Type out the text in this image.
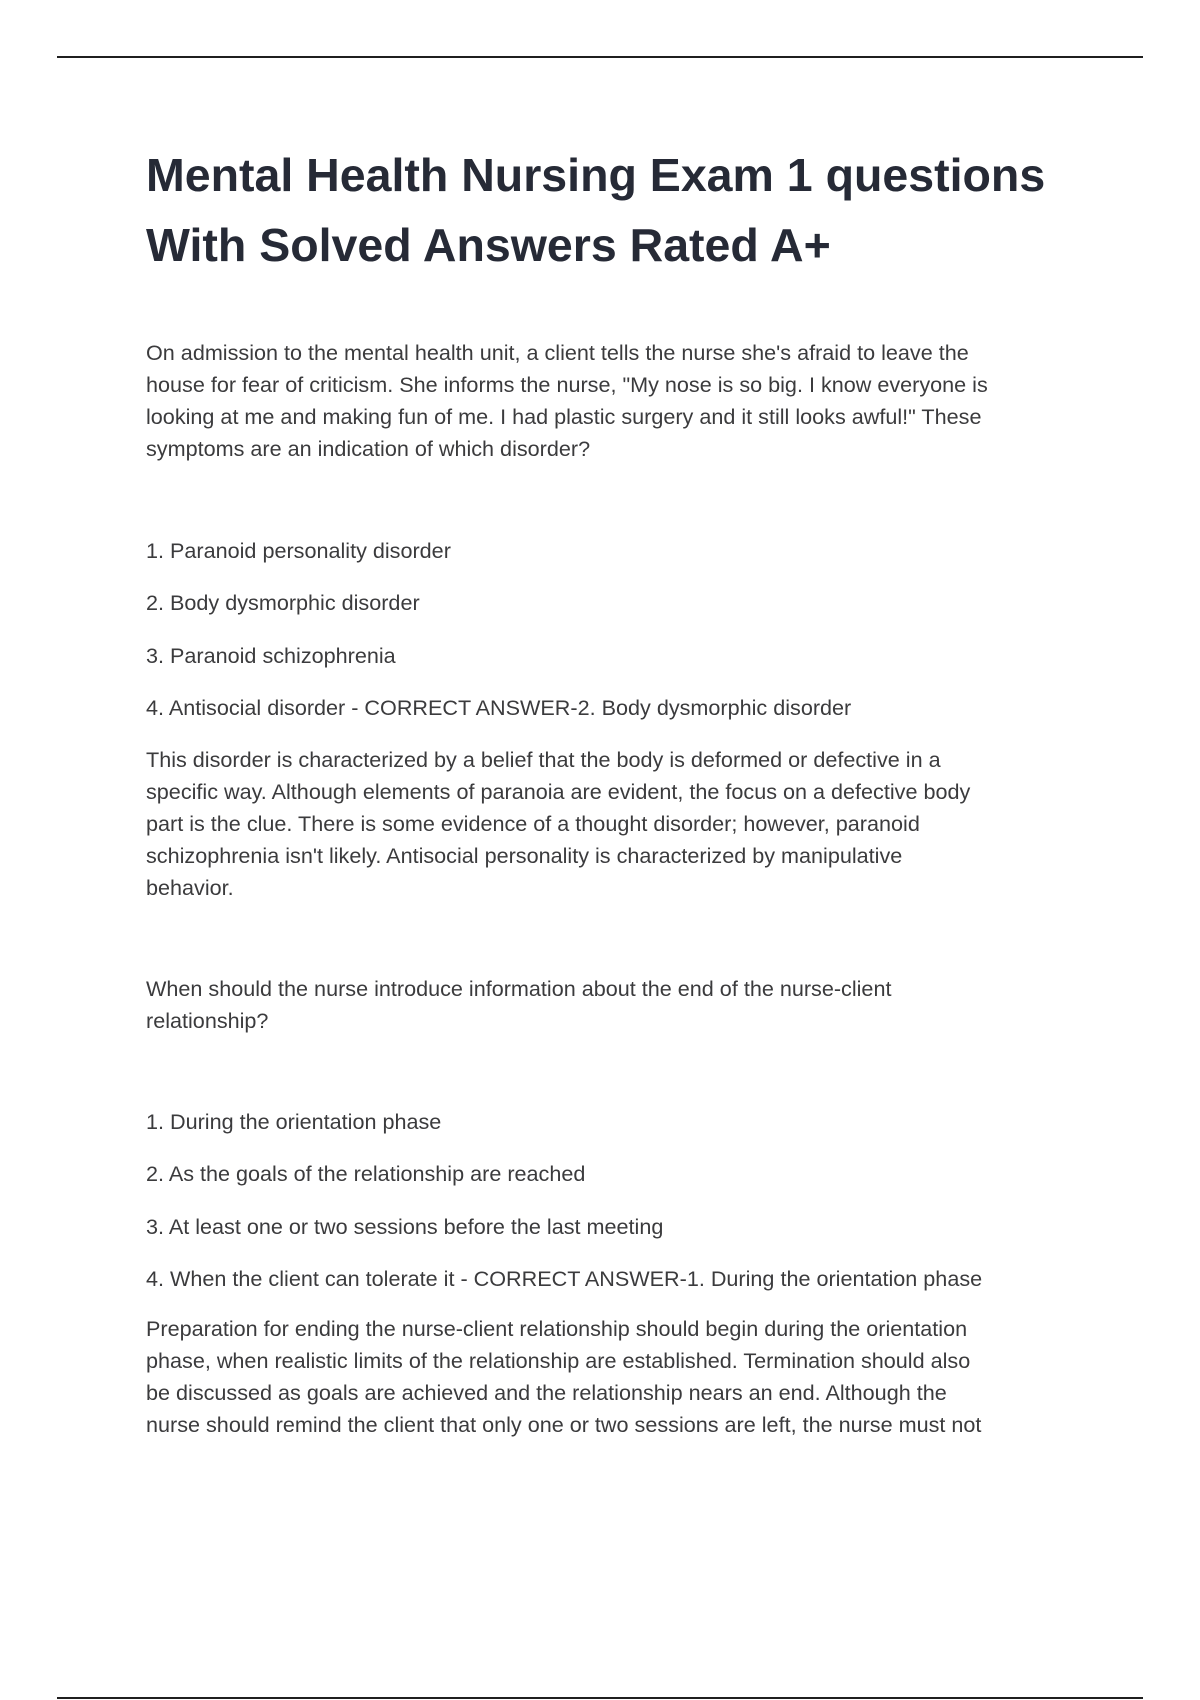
Mental Health Nursing Exam 1 questions
With Solved Answers Rated A+

On admission to the mental health unit, a client tells the nurse she's afraid to leave the
house for fear of criticism. She informs the nurse, "My nose is so big. I know everyone is
looking at me and making fun of me. I had plastic surgery and it still looks awful!" These
symptoms are an indication of which disorder?

1. Paranoid personality disorder
2. Body dysmorphic disorder
3. Paranoid schizophrenia
4. Antisocial disorder - CORRECT ANSWER-2. Body dysmorphic disorder

This disorder is characterized by a belief that the body is deformed or defective in a
specific way. Although elements of paranoia are evident, the focus on a defective body
part is the clue. There is some evidence of a thought disorder; however, paranoid
schizophrenia isn't likely. Antisocial personality is characterized by manipulative
behavior.

When should the nurse introduce information about the end of the nurse-client
relationship?

1. During the orientation phase
2. As the goals of the relationship are reached
3. At least one or two sessions before the last meeting
4. When the client can tolerate it - CORRECT ANSWER-1. During the orientation phase

Preparation for ending the nurse-client relationship should begin during the orientation
phase, when realistic limits of the relationship are established. Termination should also
be discussed as goals are achieved and the relationship nears an end. Although the
nurse should remind the client that only one or two sessions are left, the nurse must not
